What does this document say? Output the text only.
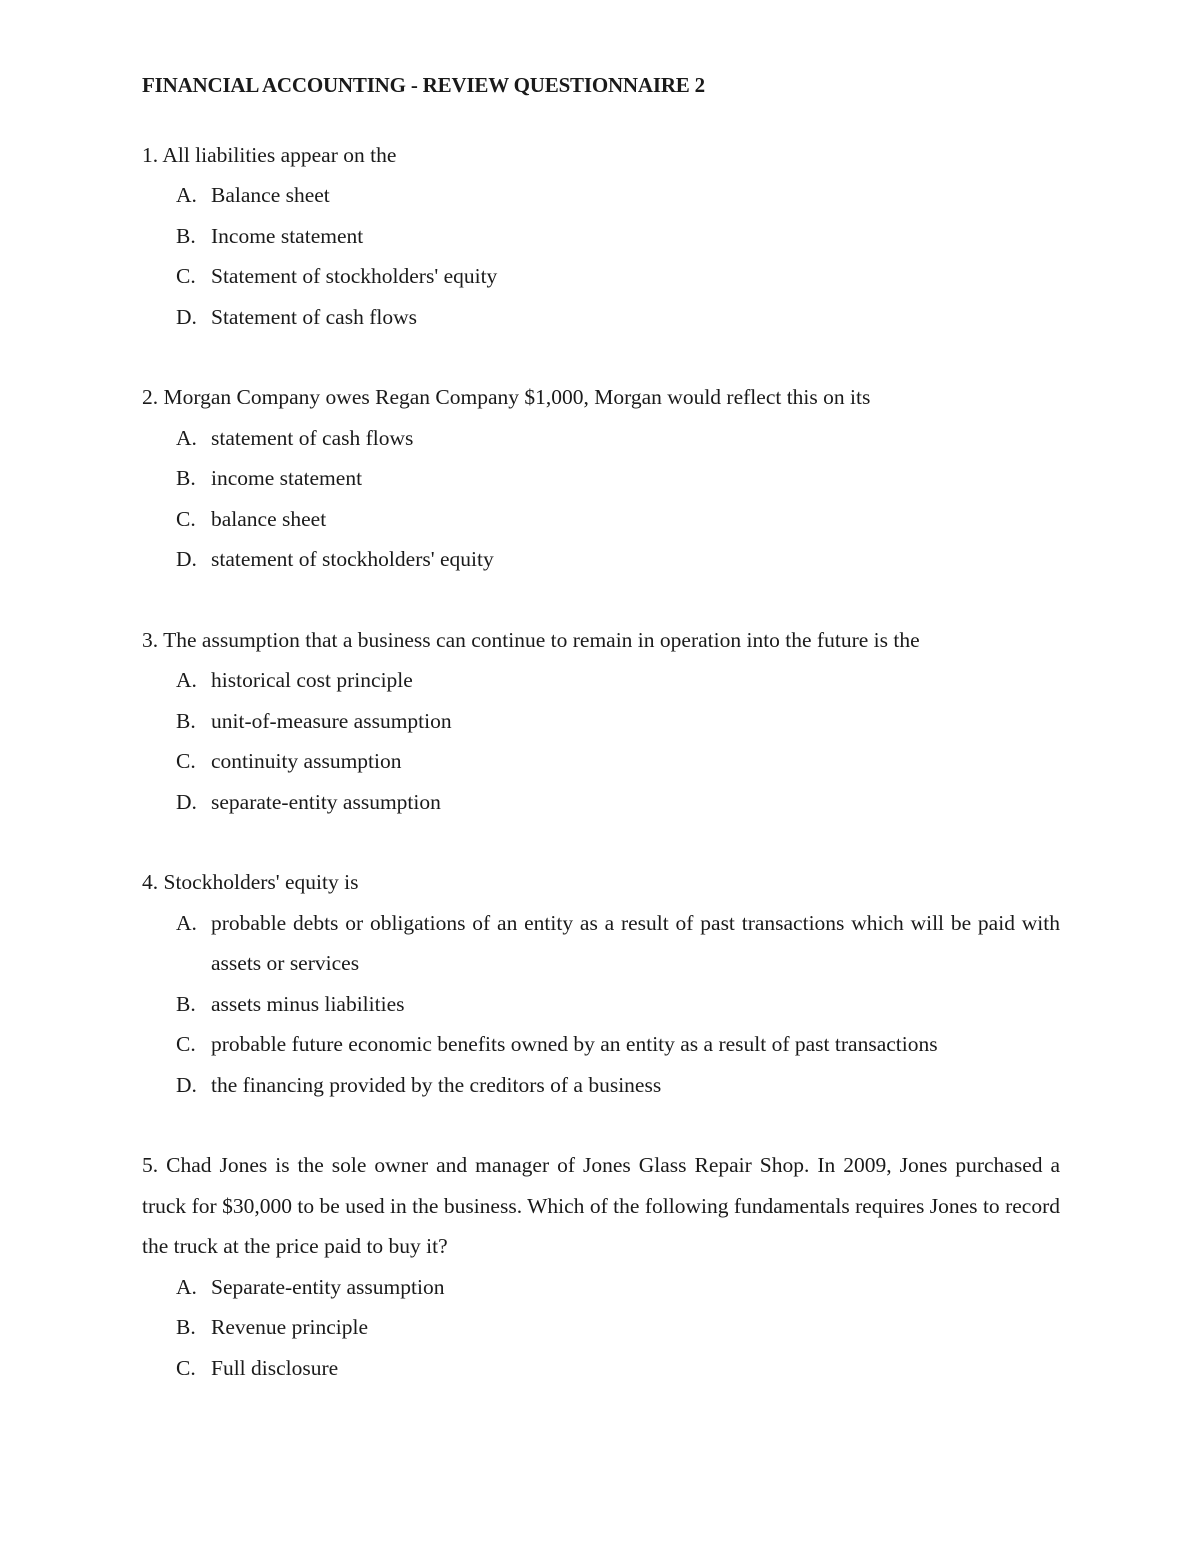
FINANCIAL ACCOUNTING - REVIEW QUESTIONNAIRE 2
1. All liabilities appear on the
A. Balance sheet
B. Income statement
C. Statement of stockholders' equity
D. Statement of cash flows
2. Morgan Company owes Regan Company $1,000, Morgan would reflect this on its
A. statement of cash flows
B. income statement
C. balance sheet
D. statement of stockholders' equity
3. The assumption that a business can continue to remain in operation into the future is the
A. historical cost principle
B. unit-of-measure assumption
C. continuity assumption
D. separate-entity assumption
4. Stockholders' equity is
A. probable debts or obligations of an entity as a result of past transactions which will be paid with assets or services
B. assets minus liabilities
C. probable future economic benefits owned by an entity as a result of past transactions
D. the financing provided by the creditors of a business
5. Chad Jones is the sole owner and manager of Jones Glass Repair Shop. In 2009, Jones purchased a truck for $30,000 to be used in the business. Which of the following fundamentals requires Jones to record the truck at the price paid to buy it?
A. Separate-entity assumption
B. Revenue principle
C. Full disclosure
